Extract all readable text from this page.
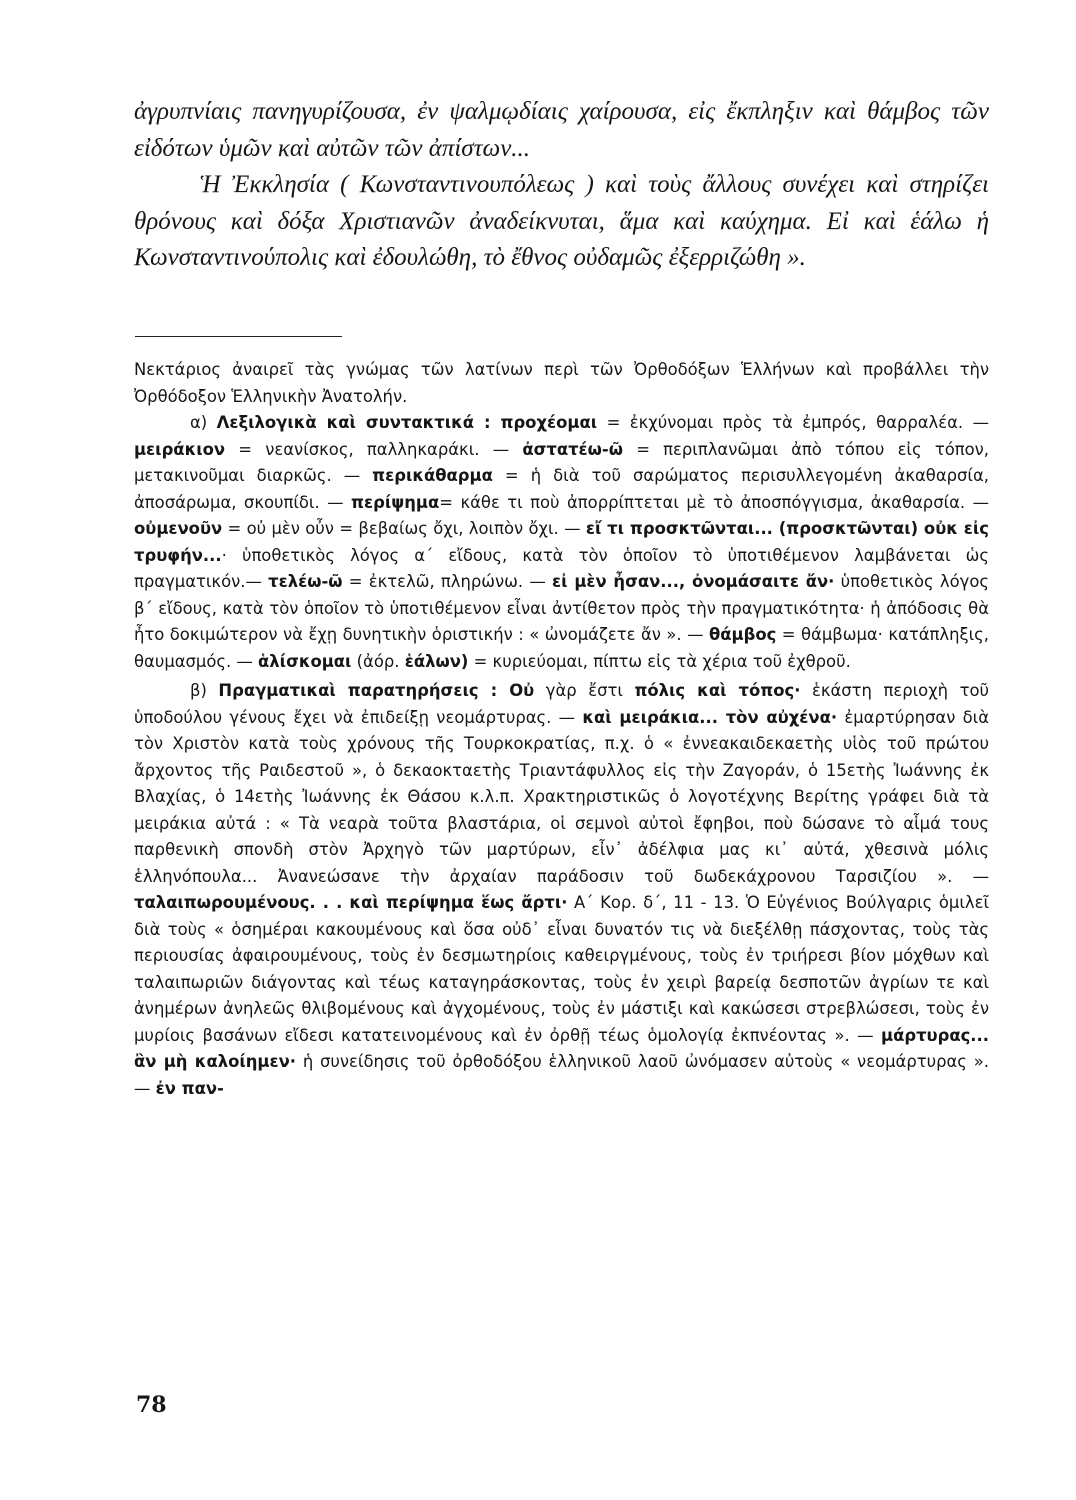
ἀγρυπνίαις πανηγυρίζουσα, ἐν ψαλμῳδίαις χαίρουσα, εἰς ἔκπληξιν καὶ θάμβος τῶν εἰδότων ὑμῶν καὶ αὐτῶν τῶν ἀπίστων...

Ἡ Ἐκκλησία ( Κωνσταντινουπόλεως ) καὶ τοὺς ἄλλους συνέχει καὶ στηρίζει θρόνους καὶ δόξα Χριστιανῶν ἀναδείκνυται, ἅμα καὶ καύχημα. Εἰ καὶ ἑάλω ἡ Κωνσταντινούπολις καὶ ἐδουλώθη, τὸ ἔθνος οὐδαμῶς ἐξερριζώθη ».

Νεκτάριος ἀναιρεῖ τὰς γνώμας τῶν λατίνων περὶ τῶν Ὀρθοδόξων Ἑλλήνων καὶ προβάλλει τὴν Ὀρθόδοξον Ἑλληνικὴν Ἀνατολήν.

α) Λεξιλογικὰ καὶ συντακτικά : προχέομαι = ἐκχύνομαι πρὸς τὰ ἐμπρός, θαρραλέα. — μειράκιον = νεανίσκος, παλληκαράκι. — ἀστατέω-ῶ = περιπλανῶμαι ἀπὸ τόπου εἰς τόπον, μετακινοῦμαι διαρκῶς. — περικάθαρμα = ἡ διὰ τοῦ σαρώματος περισυλλεγομένη ἀκαθαρσία, ἀποσάρωμα, σκουπίδι. — περίψημα= κάθε τι ποὺ ἀπορρίπτεται μὲ τὸ ἀποσπόγγισμα, ἀκαθαρσία. — οὐμενοῦν = οὐ μὲν οὖν = βεβαίως ὄχι, λοιπὸν ὄχι. — εἴ τι προσκτῶνται... (προσκτῶνται) οὐκ εἰς τρυφήν...· ὑποθετικὸς λόγος α΄ εἴδους, κατὰ τὸν ὁποῖον τὸ ὑποτιθέμενον λαμβάνεται ὡς πραγματικόν.— τελέω-ῶ = ἐκτελῶ, πληρώνω. — εἰ μὲν ἦσαν..., ὀνομάσαιτε ἄν· ὑποθετικὸς λόγος β΄ εἴδους, κατὰ τὸν ὁποῖον τὸ ὑποτιθέμενον εἶναι ἀντίθετον πρὸς τὴν πραγματικότητα· ἡ ἀπόδοσις θὰ ἦτο δοκιμώτερον νὰ ἔχῃ δυνητικὴν ὁριστικήν : « ὠνομάζετε ἄν ». — θάμβος = θάμβωμα· κατάπληξις, θαυμασμός. — ἁλίσκομαι (ἀόρ. ἑάλων) = κυριεύομαι, πίπτω εἰς τὰ χέρια τοῦ ἐχθροῦ.

β) Πραγματικαὶ παρατηρήσεις : Οὐ γὰρ ἔστι πόλις καὶ τόπος· ἑκάστη περιοχὴ τοῦ ὑποδούλου γένους ἔχει νὰ ἐπιδείξῃ νεομάρτυρας. — καὶ μειράκια... τὸν αὐχένα· ἐμαρτύρησαν διὰ τὸν Χριστὸν κατὰ τοὺς χρόνους τῆς Τουρκοκρατίας, π.χ. ὁ « ἐννεακαιδεκαετὴς υἱὸς τοῦ πρώτου ἄρχοντος τῆς Ραιδεστοῦ », ὁ δεκαοκταετὴς Τριαντάφυλλος εἰς τὴν Ζαγοράν, ὁ 15ετὴς Ἰωάννης ἐκ Βλαχίας, ὁ 14ετὴς Ἰωάννης ἐκ Θάσου κ.λ.π. Χρακτηριστικῶς ὁ λογοτέχνης Βερίτης γράφει διὰ τὰ μειράκια αὐτά : « Τὰ νεαρὰ τοῦτα βλαστάρια, οἱ σεμνοὶ αὐτοὶ ἔφηβοι, ποὺ δώσανε τὸ αἷμά τους παρθενικὴ σπονδὴ στὸν Ἀρχηγὸ τῶν μαρτύρων, εἶν᾿ ἀδέλφια μας κι᾿ αὐτά, χθεσινὰ μόλις ἑλληνόπουλα... Ἀνανεώσανε τὴν ἀρχαίαν παράδοσιν τοῦ δωδεκάχρονου Ταρσιζίου ». — ταλαιπωρουμένους. . . καὶ περίψημα ἕως ἄρτι· Α΄ Κορ. δ΄, 11 - 13. Ὁ Εὐγένιος Βούλγαρις ὁμιλεῖ διὰ τοὺς « ὁσημέραι κακουμένους καὶ ὅσα οὐδ᾿ εἶναι δυνατόν τις νὰ διεξέλθῃ πάσχοντας, τοὺς τὰς περιουσίας ἀφαιρουμένους, τοὺς ἐν δεσμωτηρίοις καθειργμένους, τοὺς ἐν τριήρεσι βίον μόχθων καὶ ταλαιπωριῶν διάγοντας καὶ τέως καταγηράσκοντας, τοὺς ἐν χειρὶ βαρείᾳ δεσποτῶν ἀγρίων τε καὶ ἀνημέρων ἀνηλεῶς θλιβομένους καὶ ἀγχομένους, τοὺς ἐν μάστιξι καὶ κακώσεσι στρεβλώσεσι, τοὺς ἐν μυρίοις βασάνων εἴδεσι κατατεινομένους καὶ ἐν ὀρθῇ τέως ὁμολογίᾳ ἐκπνέοντας ». — μάρτυρας... ἂν μὴ καλοίημεν· ἡ συνείδησις τοῦ ὀρθοδόξου ἑλληνικοῦ λαοῦ ὠνόμασεν αὐτοὺς « νεομάρτυρας ». — ἐν παν-

78
